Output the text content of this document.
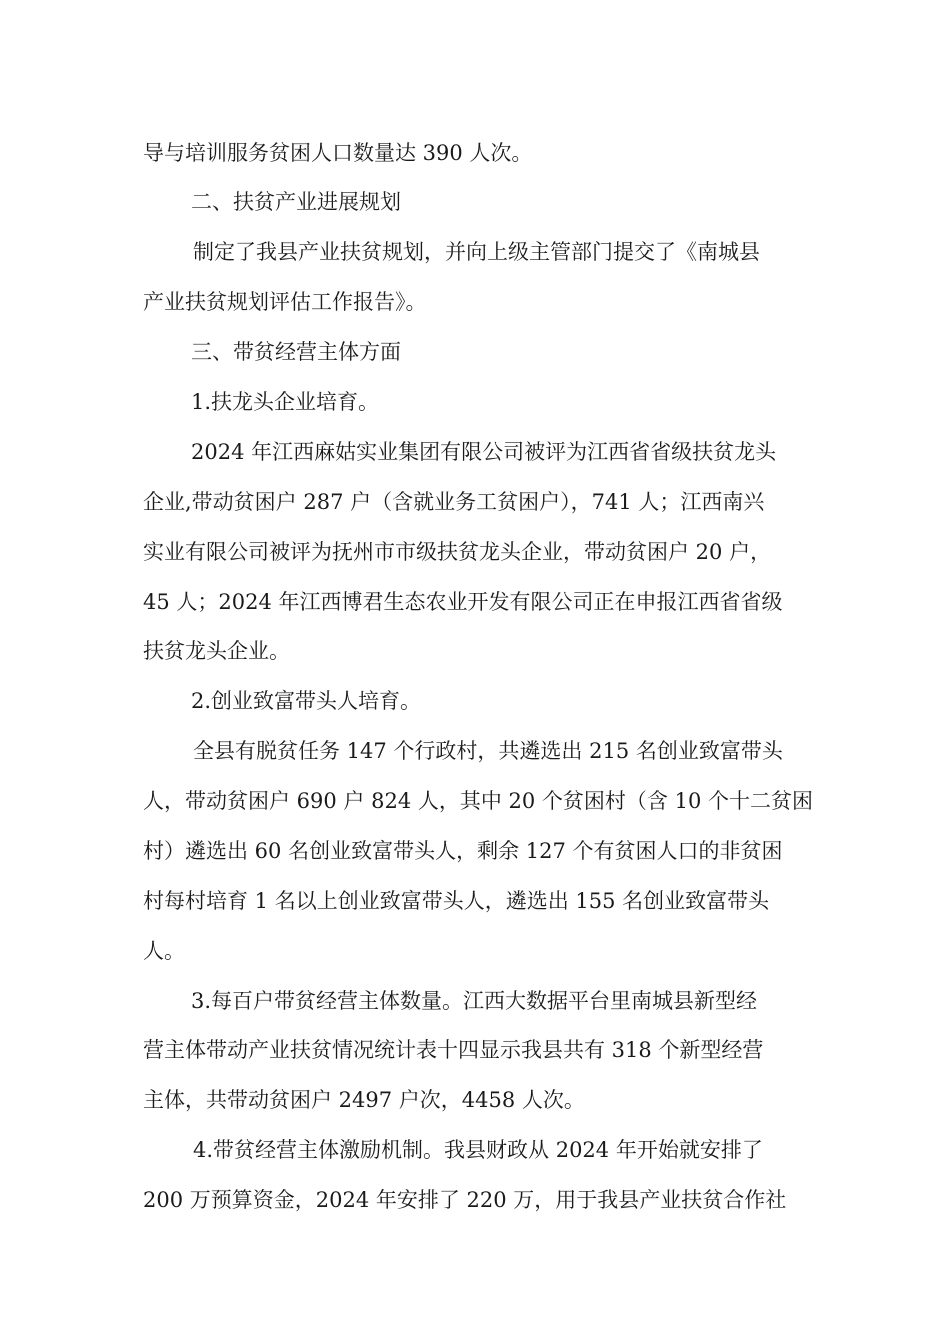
导与培训服务贫困人口数量达 390 人次。
二、扶贫产业进展规划
制定了我县产业扶贫规划，并向上级主管部门提交了《南城县
产业扶贫规划评估工作报告》。
三、带贫经营主体方面
1.扶龙头企业培育。
2024 年江西麻姑实业集团有限公司被评为江西省省级扶贫龙头
企业,带动贫困户 287 户（含就业务工贫困户），741 人；江西南兴
实业有限公司被评为抚州市市级扶贫龙头企业，带动贫困户 20 户，
45 人；2024 年江西博君生态农业开发有限公司正在申报江西省省级
扶贫龙头企业。
2.创业致富带头人培育。
全县有脱贫任务 147 个行政村，共遴选出 215 名创业致富带头
人，带动贫困户 690 户 824 人，其中 20 个贫困村（含 10 个十二贫困
村）遴选出 60 名创业致富带头人，剩余 127 个有贫困人口的非贫困
村每村培育 1 名以上创业致富带头人，遴选出 155 名创业致富带头
人。
3.每百户带贫经营主体数量。江西大数据平台里南城县新型经
营主体带动产业扶贫情况统计表十四显示我县共有 318 个新型经营
主体，共带动贫困户 2497 户次，4458 人次。
4.带贫经营主体激励机制。我县财政从 2024 年开始就安排了
200 万预算资金，2024 年安排了 220 万，用于我县产业扶贫合作社
